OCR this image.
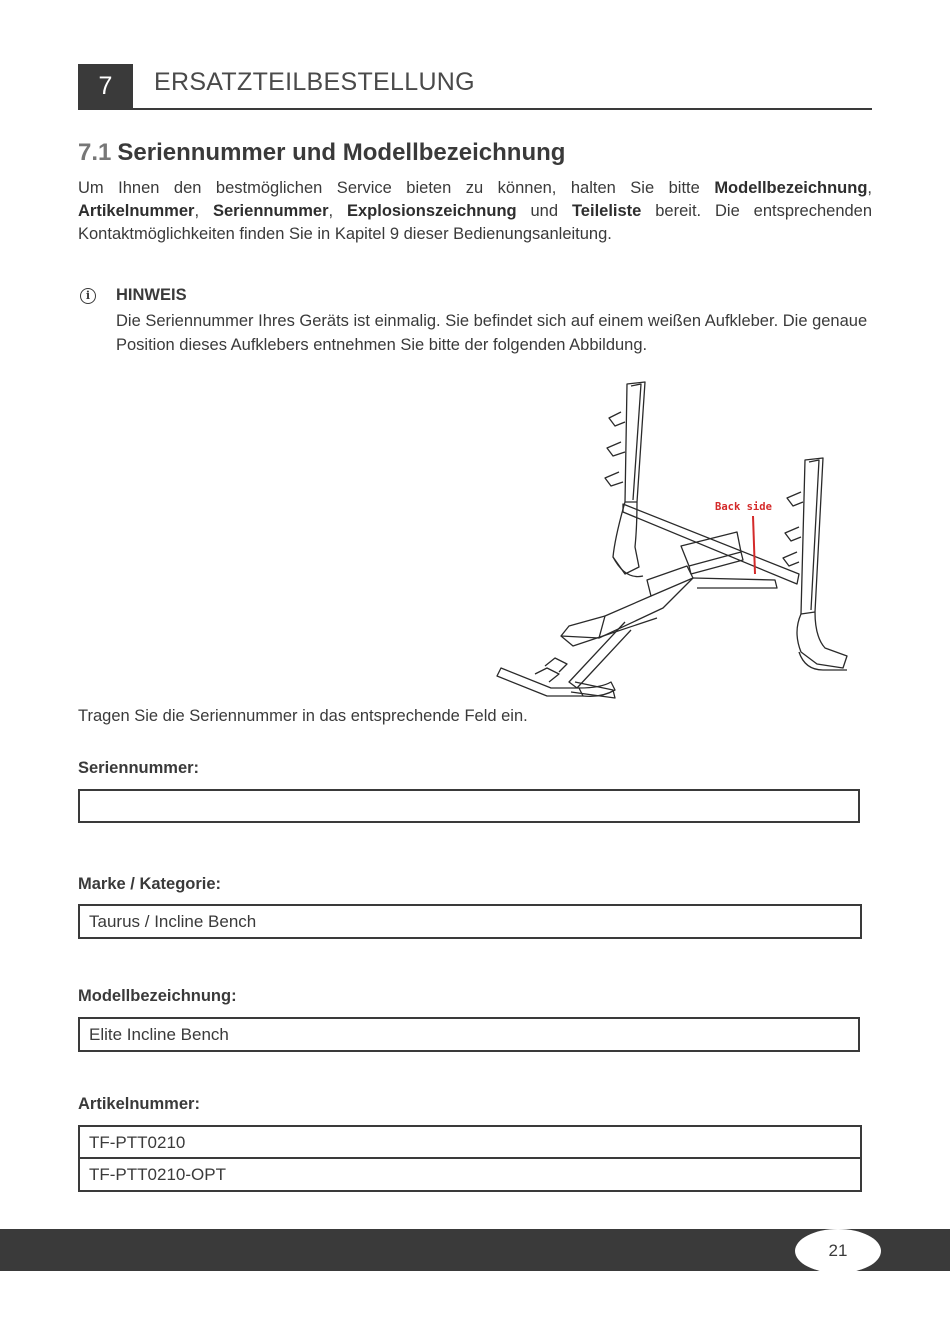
7	ERSATZTEILBESTELLUNG
7.1 Seriennummer und Modellbezeichnung

Um Ihnen den bestmöglichen Service bieten zu können, halten Sie bitte Modellbezeichnung, Artikelnummer, Seriennummer, Explosionszeichnung und Teileliste bereit. Die entsprechenden Kontaktmöglichkeiten finden Sie in Kapitel 9 dieser Bedienungsanleitung.

i	HINWEIS

Die Seriennummer Ihres Geräts ist einmalig. Sie befindet sich auf einem weißen Aufkleber. Die genaue Position dieses Aufklebers entnehmen Sie bitte der folgenden Abbildung.

Back side
Tragen Sie die Seriennummer in das entsprechende Feld ein.
Seriennummer:
Marke / Kategorie:
Taurus / Incline Bench
Modellbezeichnung:
Elite Incline Bench
Artikelnummer:
TF-PTT0210
TF-PTT0210-OPT
21
